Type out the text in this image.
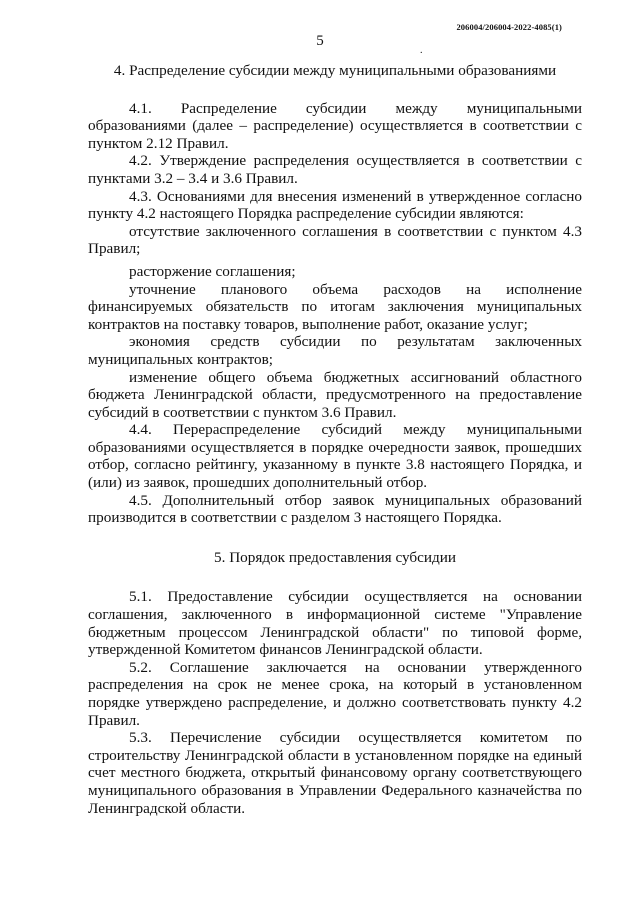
206004/206004-2022-4085(1)
5
.
4. Распределение субсидии между муниципальными образованиями

4.1. Распределение субсидии между муниципальными образованиями (далее – распределение) осуществляется в соответствии с пунктом 2.12 Правил.

4.2. Утверждение распределения осуществляется в соответствии с пунктами 3.2 – 3.4 и 3.6 Правил.

4.3. Основаниями для внесения изменений в утвержденное согласно пункту 4.2 настоящего Порядка распределение субсидии являются:

отсутствие заключенного соглашения в соответствии с пунктом 4.3 Правил;

расторжение соглашения;

уточнение планового объема расходов на исполнение финансируемых обязательств по итогам заключения муниципальных контрактов на поставку товаров, выполнение работ, оказание услуг;

экономия средств субсидии по результатам заключенных муниципальных контрактов;

изменение общего объема бюджетных ассигнований областного бюджета Ленинградской области, предусмотренного на предоставление субсидий в соответствии с пунктом 3.6 Правил.

4.4. Перераспределение субсидий между муниципальными образованиями осуществляется в порядке очередности заявок, прошедших отбор, согласно рейтингу, указанному в пункте 3.8 настоящего Порядка, и (или) из заявок, прошедших дополнительный отбор.

4.5. Дополнительный отбор заявок муниципальных образований производится в соответствии с разделом 3 настоящего Порядка.

5. Порядок предоставления субсидии

5.1. Предоставление субсидии осуществляется на основании соглашения, заключенного в информационной системе "Управление бюджетным процессом Ленинградской области" по типовой форме, утвержденной Комитетом финансов Ленинградской области.

5.2. Соглашение заключается на основании утвержденного распределения на срок не менее срока, на который в установленном порядке утверждено распределение, и должно соответствовать пункту 4.2 Правил.

5.3. Перечисление субсидии осуществляется комитетом по строительству Ленинградской области в установленном порядке на единый счет местного бюджета, открытый финансовому органу соответствующего муниципального образования в Управлении Федерального казначейства по Ленинградской области.
